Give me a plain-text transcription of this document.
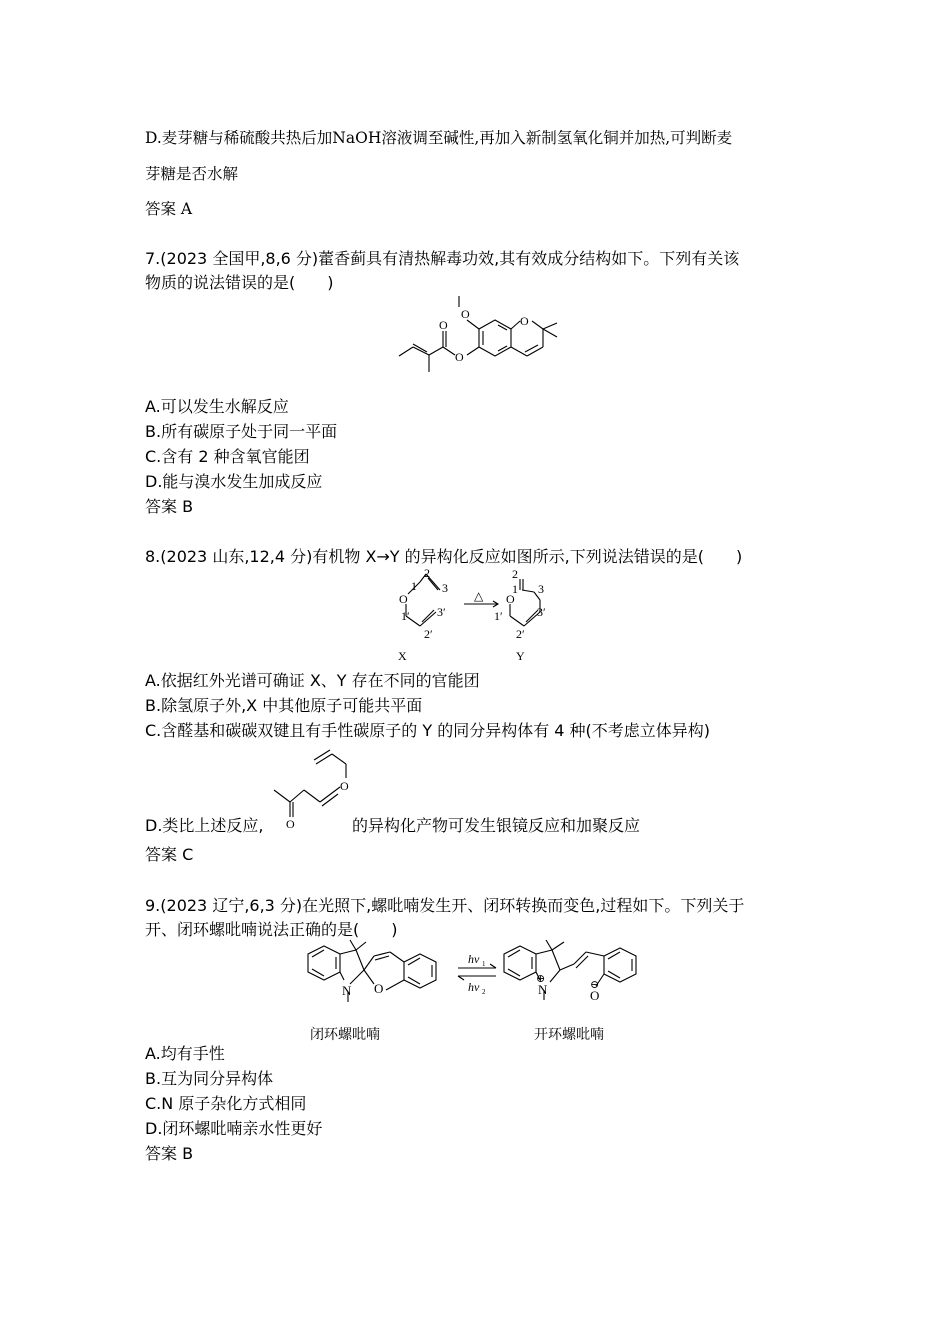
D.麦芽糖与稀硫酸共热后加NaOH溶液调至碱性,再加入新制氢氧化铜并加热,可判断麦
芽糖是否水解
答案 A
7.(2023 全国甲,8,6 分)藿香蓟具有清热解毒功效,其有效成分结构如下。下列有关该
物质的说法错误的是(　　)
O	O
O
O
A.可以发生水解反应
B.所有碳原子处于同一平面
C.含有 2 种含氧官能团
D.能与溴水发生加成反应
答案 B
8.(2023 山东,12,4 分)有机物 X→Y 的异构化反应如图所示,下列说法错误的是(　　)
1
2
3
O
1′
2′
3′
X
△ O
2
1 3
1′
2′
3′
Y
A.依据红外光谱可确证 X、Y 存在不同的官能团
B.除氢原子外,X 中其他原子可能共平面
C.含醛基和碳碳双键且有手性碳原子的 Y 的同分异构体有 4 种(不考虑立体异构)
D.类比上述反应, O
O
的异构化产物可发生银镜反应和加聚反应
答案 C
9.(2023 辽宁,6,3 分)在光照下,螺吡喃发生开、闭环转换而变色,过程如下。下列关于
开、闭环螺吡喃说法正确的是(　　)
N O
hν 1
hν 2	N
⊕
O
⊖
闭环螺吡喃	开环螺吡喃
A.均有手性
B.互为同分异构体
C.N 原子杂化方式相同
D.闭环螺吡喃亲水性更好
答案 B
